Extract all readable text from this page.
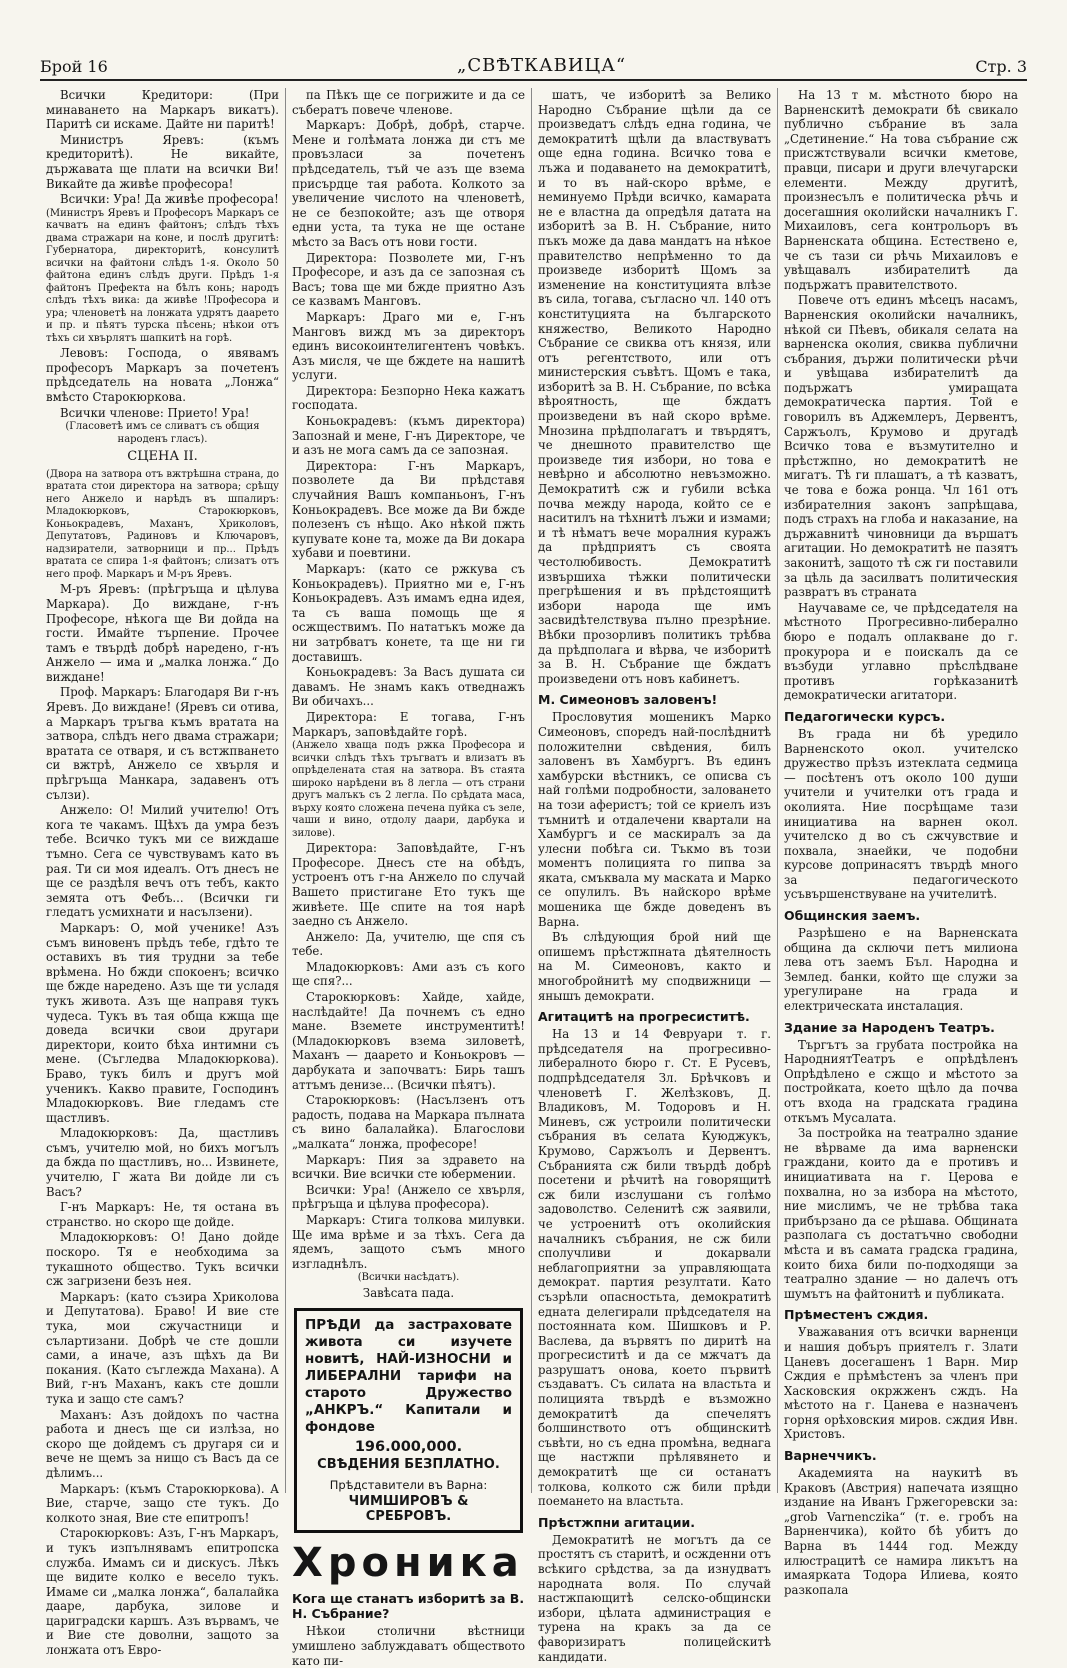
Брой 16	„СВѢТКАВИЦА“	Стр. 3

Всички Кредитори: (При минаването на Маркаръ викатъ). Паритѣ си искаме. Дайте ни паритѣ!

Министръ Яревъ: (къмъ кредиторитѣ). Не викайте, държавата ще плати на всички Ви! Викайте да живѣе професора!

Всички: Ура! Да живѣе професора!

(Министръ Яревъ и Професоръ Маркаръ се качватъ на единъ файтонъ; слѣдъ тѣхъ двама стражари на коне, и послѣ другитѣ: Губернатора, директоритѣ, консулитѣ всички на файтони слѣдъ 1-я. Около 50 файтона единъ слѣдъ други. Прѣдъ 1-я файтонъ Префекта на бѣлъ конь; народъ слѣдъ тѣхъ вика: да живѣе !Професора и ура; членоветѣ на лонжата удрятъ даарето и пр. и пѣятъ турска пѣсень; нѣкои отъ тѣхъ си хвърлятъ шапкитѣ на горѣ.

Левовъ: Господа, о явявамъ професоръ Маркаръ за почетенъ прѣдседатель на новата „Лонжа“ вмѣсто Старокюркова.

Всички членове: Прието! Ура!

(Гласоветѣ имъ се сливатъ съ общия народенъ гласъ).

СЦЕНА II.

(Двора на затвора отъ вжтрѣшна страна, до вратата стои директора на затвора; срѣщу него Анжело и нарѣдъ въ шпалиръ: Младокюрковъ, Старокюрковъ, Коньокрадевъ, Маханъ, Хриколовъ, Депутатовъ, Радиновъ и Ключаровъ, надзиратели, затворници и пр... Прѣдъ вратата се спира 1-я файтонъ; слизатъ отъ него проф. Маркаръ и М-ръ Яревъ.

М-ръ Яревъ: (прѣгръща и цѣлува Маркара). До виждане, г-нъ Професоре, нѣкога ще Ви дойда на гости. Имайте търпение. Прочее тамъ е твърдѣ добрѣ наредено, г-нъ Анжело — има и „малка лонжа.“ До виждане!

Проф. Маркаръ: Благодаря Ви г-нъ Яревъ. До виждане! (Яревъ си отива, а Маркаръ тръгва къмъ вратата на затвора, слѣдъ него двама стражари; вратата се отваря, и съ встжпването си вжтрѣ, Анжело се хвърля и прѣгръща Манкара, задавенъ отъ сълзи).

Анжело: О! Милий учителю! Отъ кога те чакамъ. Щѣхъ да умра безъ тебе. Всичко тукъ ми се виждаше тъмно. Сега се чувствувамъ като въ рая. Ти си моя идеалъ. Отъ днесъ не ще се раздѣля вечъ отъ тебъ, както земята отъ Фебъ... (Всички ги гледатъ усмихнати и насълзени).

Маркаръ: О, мой ученике! Азъ съмъ виновенъ прѣдъ тебе, гдѣто те оставихъ въ тия трудни за тебе врѣмена. Но бжди спокоенъ; всичко ще бжде наредено. Азъ ще ти усладя тукъ живота. Азъ ще направя тукъ чудеса. Тукъ въ тая обща кжща ще доведа всички свои другари директори, които бѣха интимни съ мене. (Съгледва Младокюркова). Браво, тукъ билъ и другъ мой ученикъ. Какво правите, Господинъ Младокюрковъ. Вие гледамъ сте щастливъ.

Младокюрковъ: Да, щастливъ съмъ, учителю мой, но бихъ могълъ да бжда по щастливъ, но... Извинете, учителю, Г жата Ви дойде ли съ Васъ?

Г-нъ Маркаръ: Не, тя остана въ странство. но скоро ще дойде.

Младокюрковъ: О! Дано дойде поскоро. Тя е необходима за тукашното общество. Тукъ всички сж загризени безъ нея.

Маркаръ: (като съзира Хриколова и Депутатова). Браво! И вие сте тука, мои сжучастници и сълартизани. Добрѣ че сте дошли сами, а иначе, азъ щѣхъ да Ви покания. (Като съглежда Махана). А Вий, г-нъ Маханъ, какъ сте дошли тука и защо сте самъ?

Маханъ: Азъ дойдохъ по частна работа и днесъ ще си излѣза, но скоро ще дойдемъ съ другаря си и вече не щемъ за нищо съ Васъ да се дѣлимъ...

Маркаръ: (къмъ Старокюркова). А Вие, старче, защо сте тукъ. До колкото зная, Вие сте епитропъ!

Старокюрковъ: Азъ, Г-нъ Маркаръ, и тукъ изпълнявамъ епитропска служба. Имамъ си и дискусъ. Лѣкъ ще видите колко е весело тукъ. Имаме си „малка лонжа“, балалайка даарe, дарбука, зилове и цариградски каршъ. Азъ вървамъ, че и Вие сте доволни, защото за лонжата отъ Евро-

па Пѣкъ ще се погрижите и да се събератъ повече членове.

Маркаръ: Добрѣ, добрѣ, старче. Мене и голѣмата лонжа ди стъ ме провъзласи за почетенъ прѣдседатель, тъй че азъ ще взема присърдце тая работа. Колкото за увеличение числото на членоветѣ, не се безпокойте; азъ ще отворя едни уста, та тука не ще остане мѣсто за Васъ отъ нови гости.

Директора: Позволете ми, Г-нъ Професоре, и азъ да се запозная съ Васъ; това ще ми бжде приятно Азъ се казвамъ Манговъ.

Маркаръ: Драго ми е, Г-нъ Манговъ вижд мъ за директоръ единъ високоинтелигентенъ човѣкъ. Азъ мисля, че ще бждете на нашитѣ услуги.

Директора: Безпорно Нека кажатъ господата.

Коньокрадевъ: (къмъ директора) Запознай и мене, Г-нъ Директоре, че и азъ не мога самъ да се запозная.

Директора: Г-нъ Маркаръ, позволете да Ви прѣдставя случайния Вашъ компаньонъ, Г-нъ Коньокрадевъ. Все може да Ви бжде полезенъ съ нѣщо. Ако нѣкой пжть купувате коне та, може да Ви докара хубави и поевтини.

Маркаръ: (като се ржкува съ Коньокрадевъ). Приятно ми е, Г-нъ Коньокрадевъ. Азъ имамъ една идея, та съ ваша помощь ще я осжществимъ. По нататъкъ може да ни затрбватъ конете, та ще ни ги доставишъ.

Коньокрадевъ: За Васъ душата си давамъ. Не знамъ какъ отведнажъ Ви обичахъ...

Директора: Е тогава, Г-нъ Маркаръ, заповѣдайте горѣ.

(Анжело хваща подъ ржка Професора и всички слѣдъ тѣхъ тръгватъ и влизатъ въ опрѣделената стая на затвора. Въ стаята широко нарѣдени въ 8 легла — отъ страни другъ малъкъ съ 2 легла. По срѣдата маса, върху която сложена печена пуйка съ зеле, чаши и вино, отдолу даари, дарбука и зилове).

Директора: Заповѣдайте, Г-нъ Професоре. Днесъ сте на обѣдъ, устроенъ отъ г-на Анжело по случай Вашето пристигане Ето тукъ ще живѣете. Ще спите на тоя нарѣ заедно съ Анжело.

Анжело: Да, учителю, ще спя съ тебе.

Младокюрковъ: Ами азъ съ кого ще спя?...

Старокюрковъ: Хайде, хайде, наслѣдайте! Да почнемъ съ едно мане. Вземете инструментитѣ! (Младокюрковъ взема зиловетѣ, Маханъ — даарето и Коньокровъ — дарбуката и започватъ: Бирь ташъ аттъмъ денизе... (Всички пѣятъ).

Старокюрковъ: (Насълзенъ отъ радость, подава на Маркара пълната съ вино балалайка). Благослови „малката“ лонжа, професоре!

Маркаръ: Пия за здравето на всички. Вие всички сте юбермении.

Всички: Ура! (Анжело се хвърля, прѣгръща и цѣлува професора).

Маркаръ: Стига толкова милувки. Ще има врѣме и за тѣхъ. Сега да ядемъ, защото съмъ много изгладнѣлъ.

(Всички насѣдатъ).

Завѣсата пада.

ПРѢДИ да застраховате живота си изучете новитѣ, НАЙ-ИЗНОСНИ и ЛИБЕРАЛНИ тарифи на старото Дружество „АНКРЪ.“ Капитали и фондове
196.000,000.
СВѢДЕНИЯ БЕЗПЛАТНО.
Прѣдставители въ Варна:
ЧИМШИРОВЪ & СРЕБРОВЪ.
Хроника
Кога ще станатъ изборитѣ за В. Н. Събрание?

Нѣкои столични вѣстници умишлено заблуждаватъ обществото като пи-

шатъ, че изборитѣ за Велико Народно Събрание щѣли да се произведатъ слѣдъ една година, че демократитѣ щѣли да властвуватъ още една година. Всичко това е лъжа и подаването на демократитѣ, и то въ най-скоро врѣме, е неминуемо Прѣди всичко, камарата не е властна да опредѣля датата на изборитѣ за В. Н. Събрание, нито пъкъ може да дава мандатъ на нѣкое правителство непрѣменно то да произведе изборитѣ Щомъ за изменение на конституцията влѣзе въ сила, тогава, съгласно чл. 140 отъ конституцията на българското княжество, Великото Народно Събрание се свиква отъ князя, или отъ регентството, или отъ министерския съвѣтъ. Щомъ е така, изборитѣ за В. Н. Събрание, по всѣка вѣроятность, ще бждатъ произведени въ най скоро врѣме. Мнозина прѣдполагатъ и твърдятъ, че днешното правителство ще произведе тия избори, но това е невѣрно и абсолютно невъзможно. Демократитѣ сж и губили всѣка почва между народа, който се е наситилъ на тѣхнитѣ лъжи и измами; и тѣ нѣматъ вече моралния куражъ да прѣдприятъ съ своята честолюбивость. Демократитѣ извършиха тѣжки политически прегрѣшения и въ прѣдстоящитѣ избори народа ще имъ засвидѣтелствува пълно презрѣние. Вѣбки прозорливъ политикъ трѣбва да прѣдполага и вѣрва, че изборитѣ за В. Н. Събрание ще бждатъ произведени отъ новъ кабинетъ.

М. Симеоновъ заловенъ!

Прословутия мошеникъ Марко Симеоновъ, споредъ най-послѣднитѣ положителни свѣдения, билъ заловенъ въ Хамбургъ. Въ единъ хамбурски вѣстникъ, се описва съ най голѣми подробности, заловането на този аферистъ; той се криелъ изъ тъмнитѣ и отдалечени квартали на Хамбургъ и се маскиралъ за да улесни побѣга си. Тъкмо въ този моментъ полицията го пипва за яката, смъквала му маската и Марко се опулилъ. Въ найскоро врѣме мошеника ще бжде доведенъ въ Варна.

Въ слѣдующия брой ний ще опишемъ прѣстжпната дѣятелность на М. Симеоновъ, както и многобройнитѣ му сподвижници — янышъ демократи.

Агитацитѣ на прогресиститѣ.

На 13 и 14 Февруари т. г. прѣдседателя на прогресивно-либералното бюро г. Ст. Е Русевъ, подпрѣдседателя Зл. Брѣчковъ и членоветѣ Г. Желѣзковъ, Д. Владиковъ, М. Тодоровъ и Н. Миневъ, сж устроили политически събрания въ селата Куюджукъ, Крумово, Саржъолъ и Дервентъ. Събранията сж били твърдѣ добрѣ посетени и рѣчитѣ на говорящитѣ сж били изслушани съ голѣмо задоволство. Селенитѣ сж заявили, че устроенитѣ отъ околийския началникъ събрания, не сж били сполучливи и докарвали неблагоприятни за управляющата демократ. партия резултати. Като съзрѣли опасностьта, демократитѣ едната делегирали прѣдседателя на постоянната ком. Шишковъ и Р. Васлева, да вървятъ по диритѣ на прогресиститѣ и да се мжчатъ да разрушатъ онова, което първитѣ създаватъ. Съ силата на властьта и полицията твърдѣ е възможно демократитѣ да спечелятъ болшинството отъ общинскитѣ съвѣти, но съ една промѣна, веднага ще настжпи прѣлявянето и демократитѣ ще си останатъ толкова, колкото сж били прѣди поемането на властьта.

Прѣстжпни агитации.

Демократитѣ не могътъ да се простятъ съ старитѣ, и осжденни отъ всѣкиго срѣдства, за да изнудватъ народната воля. По случай настжпающитѣ селско-общински избори, цѣлата администрация е турена на кракъ за да се фаворизиратъ полицейскитѣ кандидати.

На 13 т м. мѣстното бюро на Варненскитѣ демократи бѣ свикало публично събрание въ зала „Сдетинение.“ На това събрание сж присжтствували всички кметове, правци, писари и други влечугарски елементи. Между другитѣ, произнесълъ е политическа рѣчь и досегашния околийски началникъ Г. Михаиловъ, сега контрольоръ въ Варненската община. Естествено е, че съ тази си рѣчь Михаиловъ е увѣщавалъ избирателитѣ да подържатъ правителството.

Повече отъ единъ мѣсецъ насамъ, Варненския околийски началникъ, нѣкой си Пѣевъ, обикаля селата на варненска околия, свиква публични събрания, държи политически рѣчи и увѣщава избирателитѣ да подържатъ умиращата демократическа партия. Той е говорилъ въ Аджемлеръ, Дервентъ, Саржъолъ, Крумово и другадѣ Всичко това е възмутително и прѣстжпно, но демократитѣ не мигатъ. Тѣ ги плашатъ, а тѣ казватъ, че това е божа ронца. Чл 161 отъ избирателния законъ запрѣщава, подъ страхъ на глоба и наказание, на държавнитѣ чиновници да вършатъ агитации. Но демократитѣ не пазятъ законитѣ, защото тѣ сж ги поставили за цѣль да засилватъ политическия развратъ въ страната

Научаваме се, че прѣдседателя на мѣстното Прогресивно-либерално бюро е подалъ оплакване до г. прокурора и е поискалъ да се възбуди углавно прѣслѣдване противъ горѣказанитѣ демократически агитатори.

Педагогически курсъ.

Въ града ни бѣ уредило Варненското окол. учителско дружество прѣзъ изтеклата седмица — посѣтенъ отъ около 100 души учители и учителки отъ града и околията. Ние посрѣщаме тази инициатива на варнен окол. учителско д во съ сжчувствие и похвала, знаейки, че подобни курсове допринасятъ твърдѣ много за педагогическото усъвършенствуване на учителитѣ.

Общинския заемъ.

Разрѣшено е на Варненската община да сключи петъ милиона лева отъ заемъ Бъл. Народна и Землед. банки, който ще служи за урегулиране на града и електрическата инсталация.

Здание за Народенъ Театръ.

Търгътъ за грубата постройка на НародниятТеатръ е опрѣдѣленъ Опрѣдѣлено е сжщо и мѣстото за постройката, което щѣло да почва отъ входа на градската градина откъмъ Мусалата.

За постройка на театрално здание не вѣрваме да има варненски граждани, които да е противъ и инициативата на г. Церова е похвална, но за избора на мѣстото, ние мислимъ, че не трѣбва така прибързано да се рѣшава. Общината разполага съ достатъчно свободни мѣста и въ самата градска градина, които биха били по-подходящи за театрално здание — но далечъ отъ шумътъ на файтонитѣ и публиката.

Прѣместенъ сждия.

Уважавания отъ всички варненци и нашия добъръ приятелъ г. Злати Цаневъ досегашенъ 1 Варн. Мир Сждия е прѣмѣстенъ за членъ при Хасковския окржженъ сждъ. На мѣстото на г. Цанева е назначенъ горня орѣховския миров. сждия Ивн. Христовъ.

Варнеччикъ.

Академията на наукитѣ въ Краковъ (Австрия) напечата изящно издание на Иванъ Гржегоревски за: „grob Varnenczika“ (т. е. гробъ на Варненчика), който бѣ убитъ до Варна въ 1444 год. Между илюстрацитѣ се намира ликътъ на имаярката Тодора Илиева, която разкопала
